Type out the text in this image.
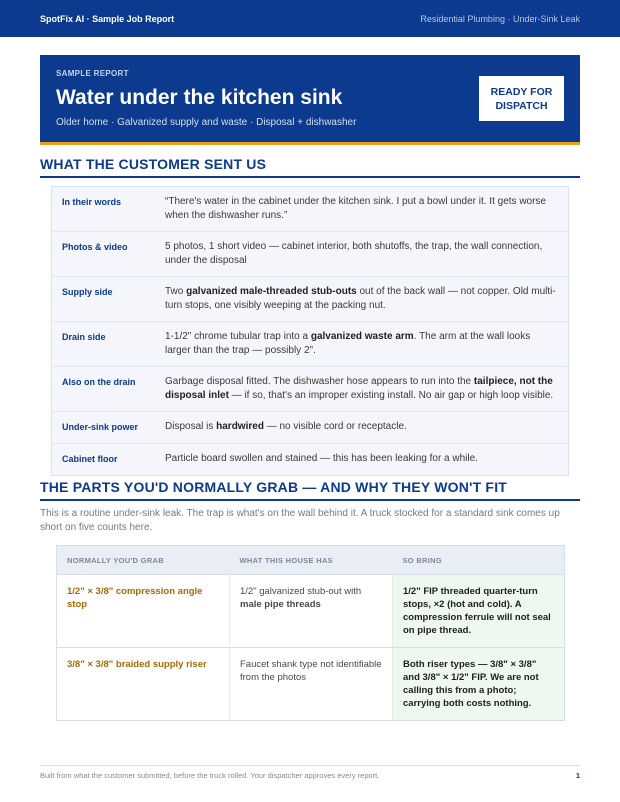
SpotFix AI · Sample Job Report	Residential Plumbing · Under-Sink Leak
SAMPLE REPORT
Water under the kitchen sink
Older home · Galvanized supply and waste · Disposal + dishwasher
READY FOR DISPATCH
WHAT THE CUSTOMER SENT US
In their words	“There's water in the cabinet under the kitchen sink. I put a bowl under it. It gets worse when the dishwasher runs.”
Photos & video	5 photos, 1 short video — cabinet interior, both shutoffs, the trap, the wall connection, under the disposal
Supply side	Two galvanized male-threaded stub-outs out of the back wall — not copper. Old multi-turn stops, one visibly weeping at the packing nut.
Drain side	1-1/2" chrome tubular trap into a galvanized waste arm. The arm at the wall looks larger than the trap — possibly 2".
Also on the drain	Garbage disposal fitted. The dishwasher hose appears to run into the tailpiece, not the disposal inlet — if so, that's an improper existing install. No air gap or high loop visible.
Under-sink power	Disposal is hardwired — no visible cord or receptacle.
Cabinet floor	Particle board swollen and stained — this has been leaking for a while.
THE PARTS YOU'D NORMALLY GRAB — AND WHY THEY WON'T FIT
This is a routine under-sink leak. The trap is what's on the wall behind it. A truck stocked for a standard sink comes up short on five counts here.
NORMALLY YOU'D GRAB	WHAT THIS HOUSE HAS	SO BRING
1/2" × 3/8" compression angle stop	1/2" galvanized stub-out with male pipe threads	1/2" FIP threaded quarter-turn stops, ×2 (hot and cold). A compression ferrule will not seal on pipe thread.
3/8" × 3/8" braided supply riser	Faucet shank type not identifiable from the photos	Both riser types — 3/8" × 3/8" and 3/8" × 1/2" FIP. We are not calling this from a photo; carrying both costs nothing.
Built from what the customer submitted, before the truck rolled. Your dispatcher approves every report.	1
